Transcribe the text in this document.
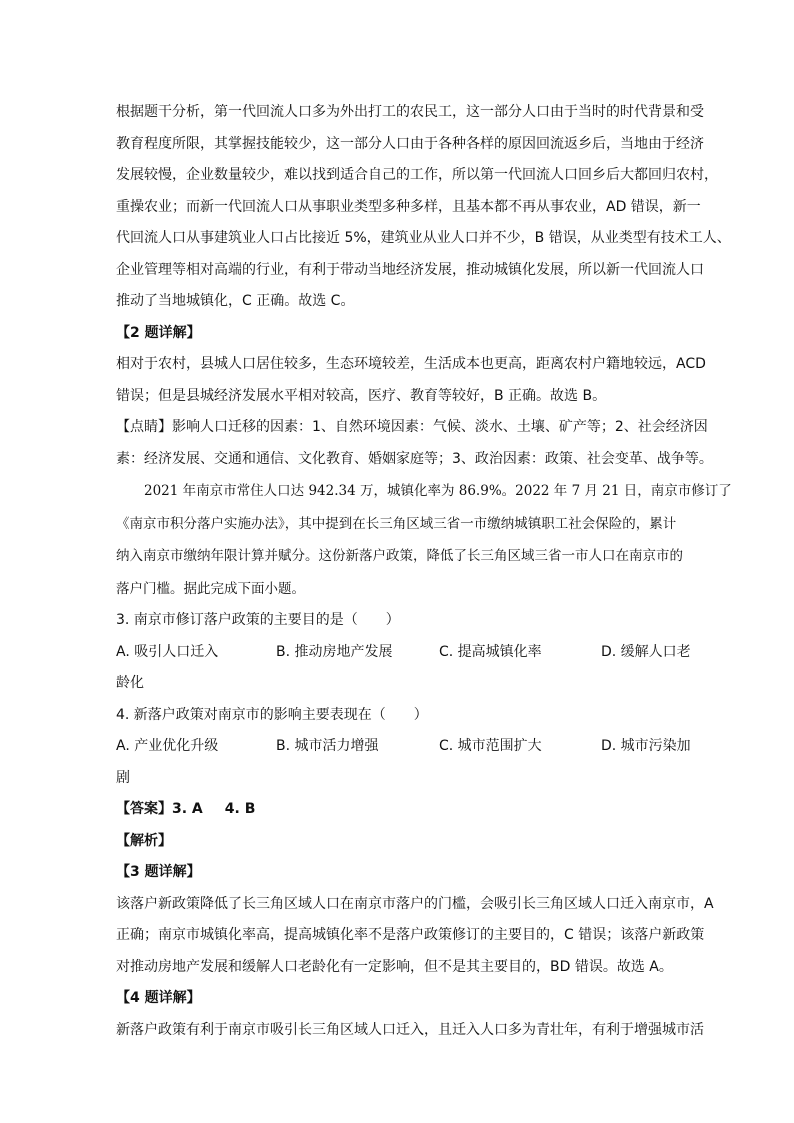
根据题干分析，第一代回流人口多为外出打工的农民工，这一部分人口由于当时的时代背景和受
教育程度所限，其掌握技能较少，这一部分人口由于各种各样的原因回流返乡后，当地由于经济
发展较慢，企业数量较少，难以找到适合自己的工作，所以第一代回流人口回乡后大都回归农村，
重操农业；而新一代回流人口从事职业类型多种多样，且基本都不再从事农业，AD 错误，新一
代回流人口从事建筑业人口占比接近 5%，建筑业从业人口并不少，B 错误，从业类型有技术工人、
企业管理等相对高端的行业，有利于带动当地经济发展，推动城镇化发展，所以新一代回流人口
推动了当地城镇化，C 正确。故选 C。

【2 题详解】

相对于农村，县城人口居住较多，生态环境较差，生活成本也更高，距离农村户籍地较远，ACD
错误；但是县城经济发展水平相对较高，医疗、教育等较好，B 正确。故选 B。

【点睛】影响人口迁移的因素：1、自然环境因素：气候、淡水、土壤、矿产等；2、社会经济因
素：经济发展、交通和通信、文化教育、婚姻家庭等；3、政治因素：政策、社会变革、战争等。

2021 年南京市常住人口达 942.34 万，城镇化率为 86.9%。2022 年 7 月 21 日，南京市修订了
《南京市积分落户实施办法》，其中提到在长三角区域三省一市缴纳城镇职工社会保险的，累计
纳入南京市缴纳年限计算并赋分。这份新落户政策，降低了长三角区域三省一市人口在南京市的
落户门槛。据此完成下面小题。

3. 南京市修订落户政策的主要目的是（　　）

A. 吸引人口迁入	B. 推动房地产发展	C. 提高城镇化率	D. 缓解人口老
龄化

4. 新落户政策对南京市的影响主要表现在（　　）

A. 产业优化升级	B. 城市活力增强	C. 城市范围扩大	D. 城市污染加
剧

【答案】3. A 4. B

【解析】

【3 题详解】

该落户新政策降低了长三角区域人口在南京市落户的门槛，会吸引长三角区域人口迁入南京市，A
正确；南京市城镇化率高，提高城镇化率不是落户政策修订的主要目的，C 错误；该落户新政策
对推动房地产发展和缓解人口老龄化有一定影响，但不是其主要目的，BD 错误。故选 A。

【4 题详解】

新落户政策有利于南京市吸引长三角区域人口迁入，且迁入人口多为青壮年，有利于增强城市活
